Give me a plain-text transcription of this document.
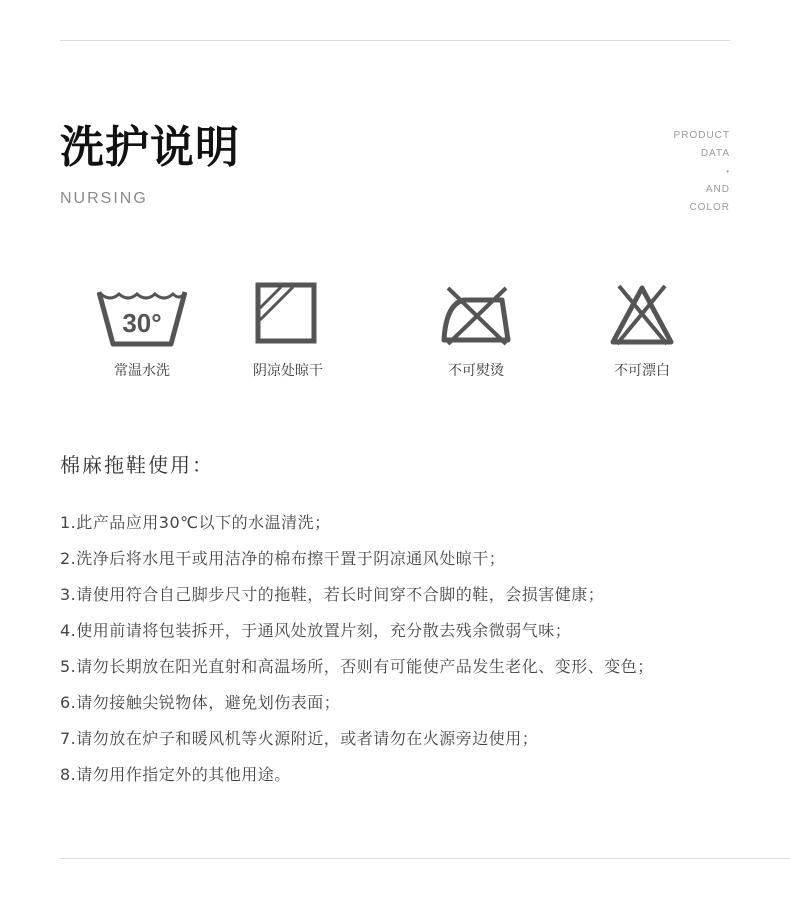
洗护说明
NURSING
PRODUCT
DATA
•
AND
COLOR
30°
常温水洗	阴凉处晾干	不可熨烫	不可漂白
棉麻拖鞋使用：
1.此产品应用30℃以下的水温清洗；
2.洗净后将水甩干或用洁净的棉布擦干置于阴凉通风处晾干；
3.请使用符合自己脚步尺寸的拖鞋，若长时间穿不合脚的鞋，会损害健康；
4.使用前请将包装拆开，于通风处放置片刻，充分散去残余微弱气味；
5.请勿长期放在阳光直射和高温场所，否则有可能使产品发生老化、变形、变色；
6.请勿接触尖锐物体，避免划伤表面；
7.请勿放在炉子和暖风机等火源附近，或者请勿在火源旁边使用；
8.请勿用作指定外的其他用途。
